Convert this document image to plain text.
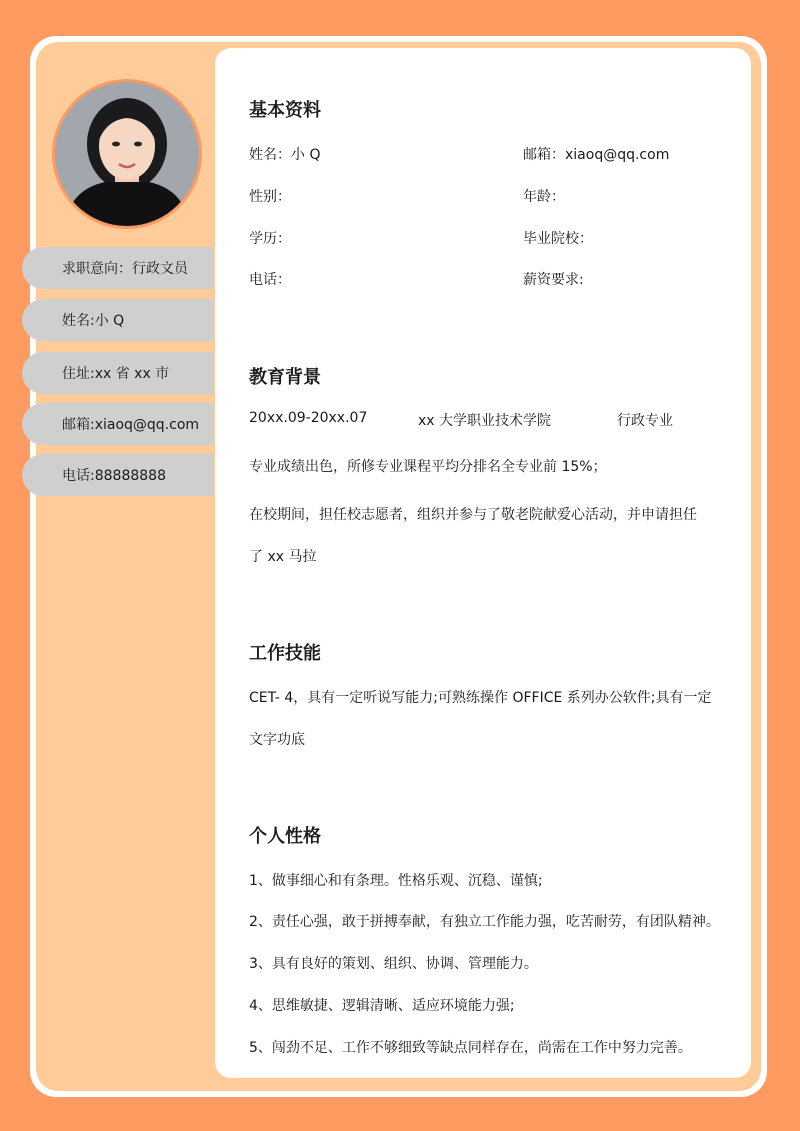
求职意向：行政文员
姓名:小 Q
住址:xx 省 xx 市
邮箱:xiaoq@qq.com
电话:88888888
基本资料
姓名：小 Q	邮箱：xiaoq@qq.com
性别：	年龄：
学历：	毕业院校：
电话：	薪资要求:
教育背景
20xx.09-20xx.07	xx 大学职业技术学院	行政专业
专业成绩出色，所修专业课程平均分排名全专业前 15%；
在校期间，担任校志愿者，组织并参与了敬老院献爱心活动，并申请担任
了 xx 马拉
工作技能
CET- 4，具有一定听说写能力;可熟练操作 OFFICE 系列办公软件;具有一定
文字功底
个人性格
1、做事细心和有条理。性格乐观、沉稳、谨慎;
2、责任心强，敢于拼搏奉献，有独立工作能力强，吃苦耐劳，有团队精神。
3、具有良好的策划、组织、协调、管理能力。
4、思维敏捷、逻辑清晰、适应环境能力强;
5、闯劲不足、工作不够细致等缺点同样存在，尚需在工作中努力完善。
